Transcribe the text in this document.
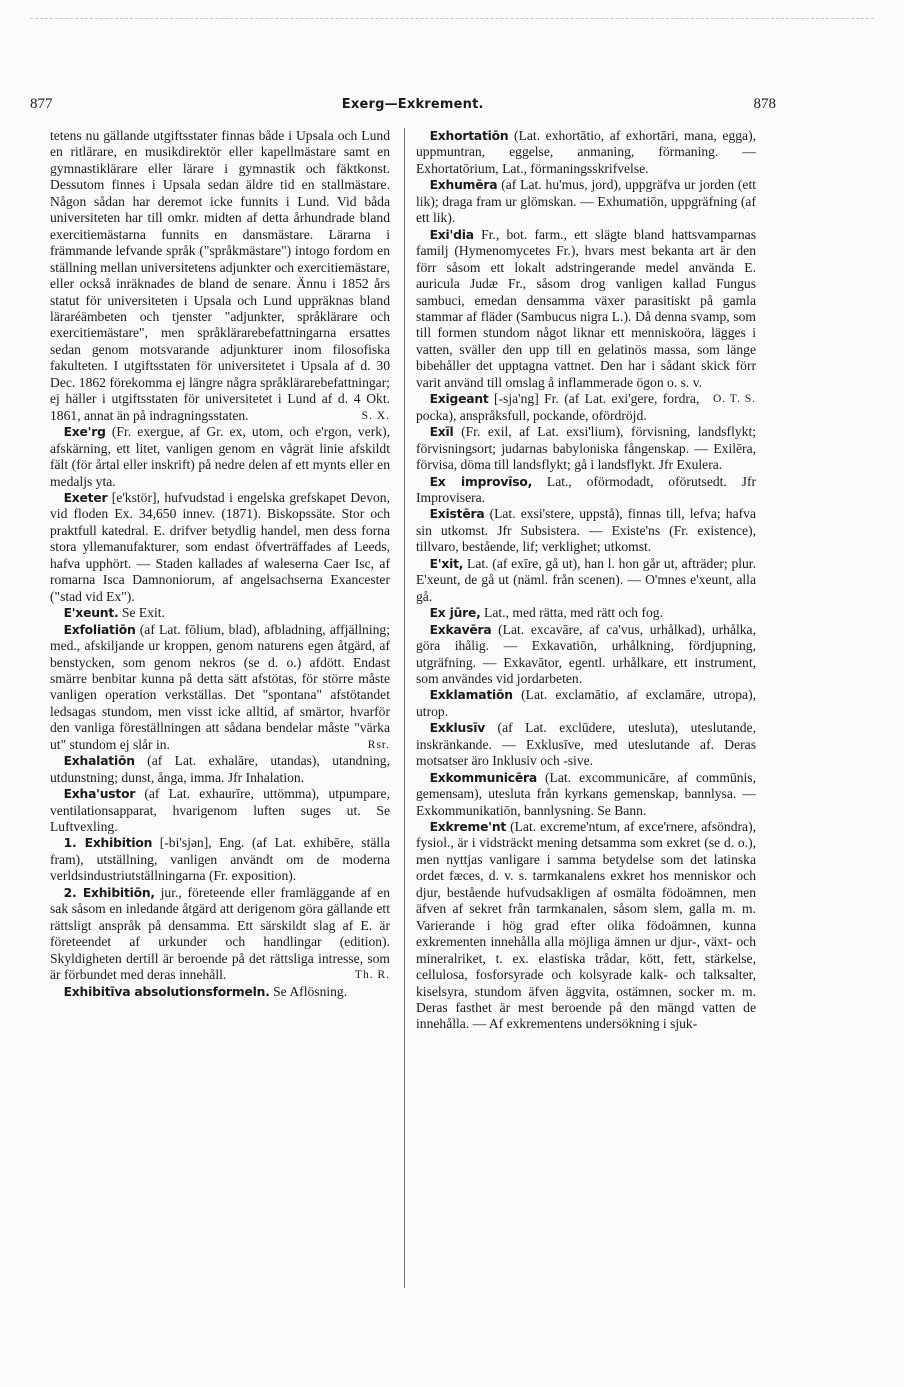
877	Exerg—Exkrement.	878

tetens nu gällande utgiftsstater finnas både i Upsala och Lund en ritlärare, en musikdirektör eller kapellmästare samt en gymnastiklärare eller lärare i gymnastik och fäktkonst. Dessutom finnes i Upsala sedan äldre tid en stallmästare. Någon sådan har deremot icke funnits i Lund. Vid båda universiteten har till omkr. midten af detta århundrade bland exercitiemästarna funnits en dansmästare. Lärarna i främmande lefvande språk ("språkmästare") intogo fordom en ställning mellan universitetens adjunkter och exercitiemästare, eller också inräknades de bland de senare. Ännu i 1852 års statut för universiteten i Upsala och Lund uppräknas bland läraréämbeten och tjenster "adjunkter, språklärare och exercitiemästare", men språklärarebefattningarna ersattes sedan genom motsvarande adjunkturer inom filosofiska fakulteten. I utgiftsstaten för universitetet i Upsala af d. 30 Dec. 1862 förekomma ej längre några språklärarebefattningar; ej häller i utgiftsstaten för universitetet i Lund af d. 4 Okt. 1861, annat än på indragningsstaten.	S. X.

Exe'rg (Fr. exergue, af Gr. ex, utom, och e'rgon, verk), afskärning, ett litet, vanligen genom en vågrät linie afskildt fält (för årtal eller inskrift) på nedre delen af ett mynts eller en medaljs yta.

Exeter [e'kstör], hufvudstad i engelska grefskapet Devon, vid floden Ex. 34,650 innev. (1871). Biskopssäte. Stor och praktfull katedral. E. drifver betydlig handel, men dess forna stora yllemanufakturer, som endast öfverträffades af Leeds, hafva upphört. — Staden kallades af waleserna Caer Isc, af romarna Isca Damnoniorum, af angelsachserna Exancester ("stad vid Ex").

E'xeunt. Se Exit.

Exfoliatiōn (af Lat. fōlium, blad), afbladning, affjällning; med., afskiljande ur kroppen, genom naturens egen åtgärd, af benstycken, som genom nekros (se d. o.) afdött. Endast smärre benbitar kunna på detta sätt afstötas, för större måste vanligen operation verkställas. Det "spontana" afstötandet ledsagas stundom, men visst icke alltid, af smärtor, hvarför den vanliga föreställningen att sådana bendelar måste "värka ut" stundom ej slår in.	Rsr.

Exhalatiōn (af Lat. exhalāre, utandas), utandning, utdunstning; dunst, ånga, imma. Jfr Inhalation.

Exha'ustor (af Lat. exhaurīre, uttömma), utpumpare, ventilationsapparat, hvarigenom luften suges ut. Se Luftvexling.

1. Exhibition [-bi'sjən], Eng. (af Lat. exhibēre, ställa fram), utställning, vanligen användt om de moderna verldsindustriutställningarna (Fr. exposition).

2. Exhibitiōn, jur., företeende eller framläggande af en sak såsom en inledande åtgärd att derigenom göra gällande ett rättsligt anspråk på densamma. Ett särskildt slag af E. är företeendet af urkunder och handlingar (edition). Skyldigheten dertill är beroende på det rättsliga intresse, som är förbundet med deras innehåll.	Th. R.

Exhibitīva absolutionsformeln. Se Aflösning.

Exhortatiōn (Lat. exhortātio, af exhortāri, mana, egga), uppmuntran, eggelse, anmaning, förmaning. — Exhortatōrium, Lat., förmaningsskrifvelse.

Exhumēra (af Lat. hu'mus, jord), uppgräfva ur jorden (ett lik); draga fram ur glömskan. — Exhumatiōn, uppgräfning (af ett lik).

Exi'dia Fr., bot. farm., ett slägte bland hattsvamparnas familj (Hymenomycetes Fr.), hvars mest bekanta art är den förr såsom ett lokalt adstringerande medel använda E. auricula Judæ Fr., såsom drog vanligen kallad Fungus sambuci, emedan densamma växer parasitiskt på gamla stammar af fläder (Sambucus nigra L.). Då denna svamp, som till formen stundom något liknar ett menniskoöra, lägges i vatten, sväller den upp till en gelatinös massa, som länge bibehåller det upptagna vattnet. Den har i sådant skick förr varit använd till omslag å inflammerade ögon o. s. v.
O. T. S.

Exigeant [-sja'ng] Fr. (af Lat. exi'gere, fordra, pocka), anspråksfull, pockande, ofördröjd.

Exīl (Fr. exil, af Lat. exsi'lium), förvisning, landsflykt; förvisningsort; judarnas babyloniska fångenskap. — Exilēra, förvisa, döma till landsflykt; gå i landsflykt. Jfr Exulera.

Ex improvīso, Lat., oförmodadt, oförutsedt. Jfr Improvisera.

Existēra (Lat. exsi'stere, uppstå), finnas till, lefva; hafva sin utkomst. Jfr Subsistera. — Existe'ns (Fr. existence), tillvaro, bestående, lif; verklighet; utkomst.

E'xit, Lat. (af exīre, gå ut), han l. hon går ut, afträder; plur. E'xeunt, de gå ut (näml. från scenen). — O'mnes e'xeunt, alla gå.

Ex jūre, Lat., med rätta, med rätt och fog.

Exkavēra (Lat. excavāre, af ca'vus, urhålkad), urhålka, göra ihålig. — Exkavatiōn, urhålkning, fördjupning, utgräfning. — Exkavātor, egentl. urhålkare, ett instrument, som användes vid jordarbeten.

Exklamatiōn (Lat. exclamātio, af exclamāre, utropa), utrop.

Exklusīv (af Lat. exclūdere, utesluta), uteslutande, inskränkande. — Exklusīve, med uteslutande af. Deras motsatser äro Inklusiv och -sive.

Exkommunicēra (Lat. excommunicāre, af commūnis, gemensam), utesluta från kyrkans gemenskap, bannlysa. — Exkommunikatiōn, bannlysning. Se Bann.

Exkreme'nt (Lat. excreme'ntum, af exce'rnere, afsöndra), fysiol., är i vidsträckt mening detsamma som exkret (se d. o.), men nyttjas vanligare i samma betydelse som det latinska ordet fæces, d. v. s. tarmkanalens exkret hos menniskor och djur, bestående hufvudsakligen af osmälta födoämnen, men äfven af sekret från tarmkanalen, såsom slem, galla m. m. Varierande i hög grad efter olika födoämnen, kunna exkrementen innehålla alla möjliga ämnen ur djur-, växt- och mineralriket, t. ex. elastiska trådar, kött, fett, stärkelse, cellulosa, fosforsyrade och kolsyrade kalk- och talksalter, kiselsyra, stundom äfven äggvita, ostämnen, socker m. m. Deras fasthet är mest beroende på den mängd vatten de innehålla. — Af exkrementens undersökning i sjuk-
